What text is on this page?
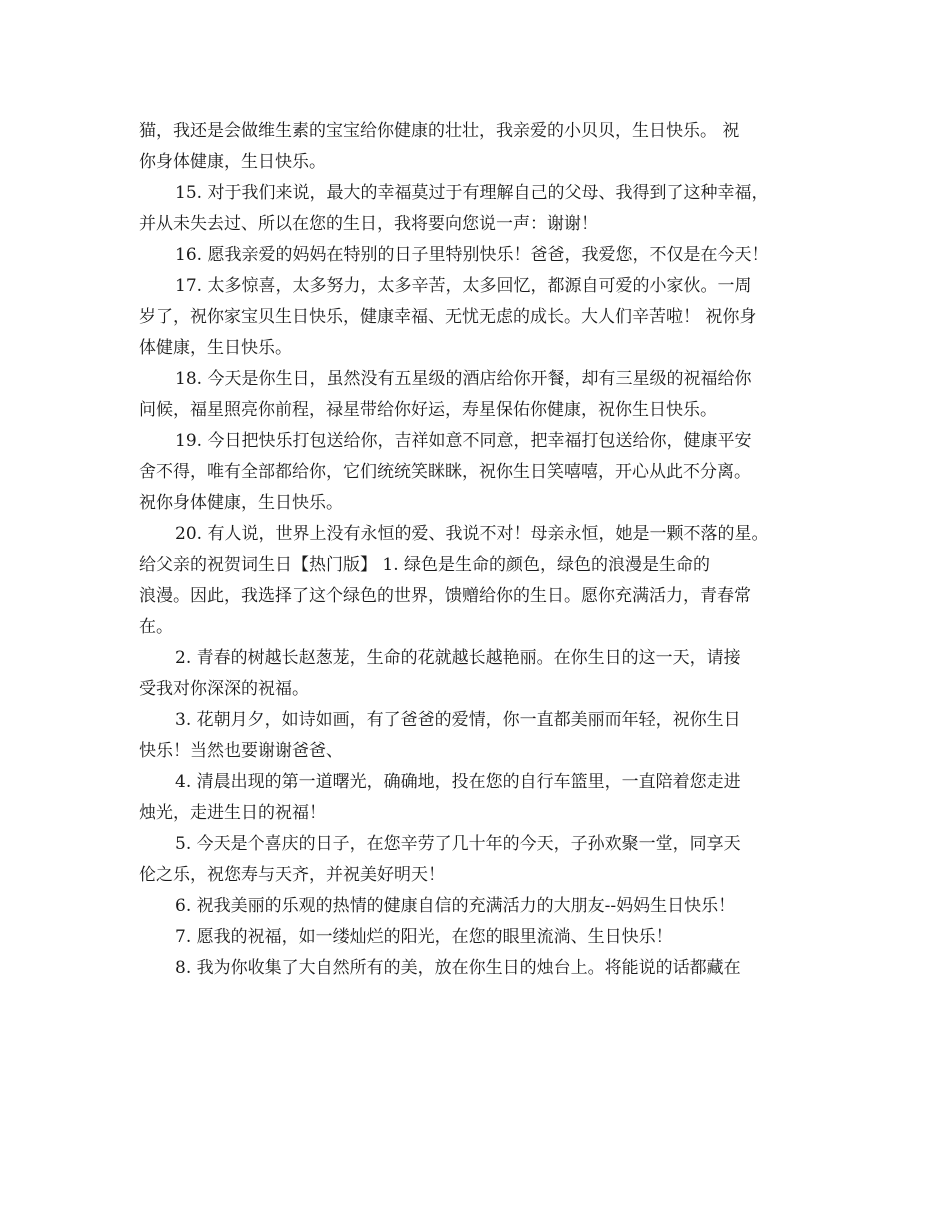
猫，我还是会做维生素的宝宝给你健康的壮壮，我亲爱的小贝贝，生日快乐。 祝
你身体健康，生日快乐。
15. 对于我们来说，最大的幸福莫过于有理解自己的父母、我得到了这种幸福，
并从未失去过、所以在您的生日，我将要向您说一声：谢谢！
16. 愿我亲爱的妈妈在特别的日子里特别快乐！爸爸，我爱您，不仅是在今天！
17. 太多惊喜，太多努力，太多辛苦，太多回忆，都源自可爱的小家伙。一周
岁了，祝你家宝贝生日快乐，健康幸福、无忧无虑的成长。大人们辛苦啦！ 祝你身
体健康，生日快乐。
18. 今天是你生日，虽然没有五星级的酒店给你开餐，却有三星级的祝福给你
问候，福星照亮你前程，禄星带给你好运，寿星保佑你健康，祝你生日快乐。
19. 今日把快乐打包送给你，吉祥如意不同意，把幸福打包送给你，健康平安
舍不得，唯有全部都给你，它们统统笑眯眯，祝你生日笑嘻嘻，开心从此不分离。
祝你身体健康，生日快乐。
20. 有人说，世界上没有永恒的爱、我说不对！母亲永恒，她是一颗不落的星。
给父亲的祝贺词生日【热门版】 1. 绿色是生命的颜色，绿色的浪漫是生命的
浪漫。因此，我选择了这个绿色的世界，馈赠给你的生日。愿你充满活力，青春常
在。
2. 青春的树越长赵葱茏，生命的花就越长越艳丽。在你生日的这一天，请接
受我对你深深的祝福。
3. 花朝月夕，如诗如画，有了爸爸的爱情，你一直都美丽而年轻，祝你生日
快乐！当然也要谢谢爸爸、
4. 清晨出现的第一道曙光，确确地，投在您的自行车篮里，一直陪着您走进
烛光，走进生日的祝福！
5. 今天是个喜庆的日子，在您辛劳了几十年的今天，子孙欢聚一堂，同享天
伦之乐，祝您寿与天齐，并祝美好明天！
6. 祝我美丽的乐观的热情的健康自信的充满活力的大朋友--妈妈生日快乐！
7. 愿我的祝福，如一缕灿烂的阳光，在您的眼里流淌、生日快乐！
8. 我为你收集了大自然所有的美，放在你生日的烛台上。将能说的话都藏在
